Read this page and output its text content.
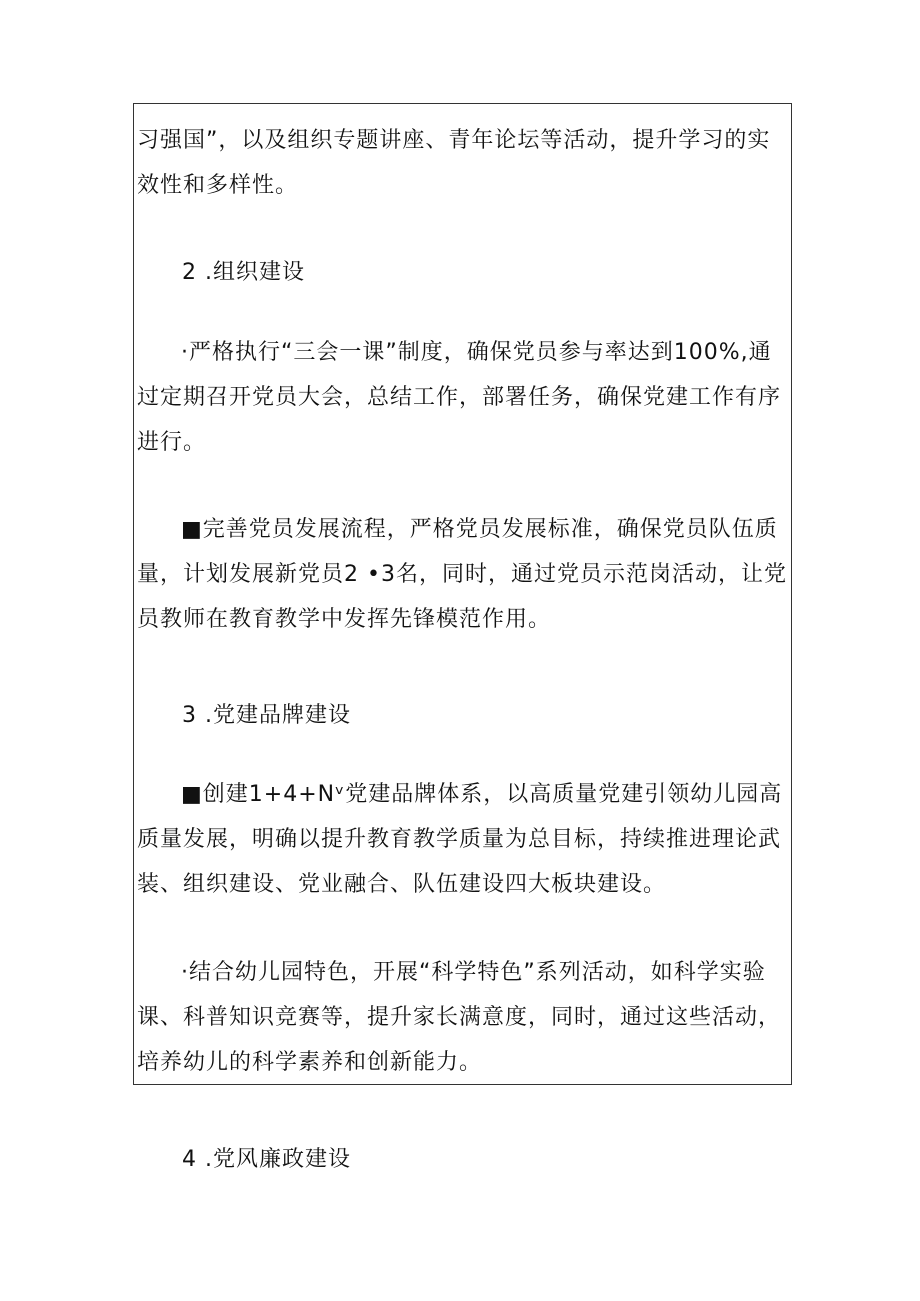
习强国”，以及组织专题讲座、青年论坛等活动，提升学习的实效性和多样性。

2 .组织建设

·严格执行“三会一课”制度，确保党员参与率达到100%,通过定期召开党员大会，总结工作，部署任务，确保党建工作有序进行。

■完善党员发展流程，严格党员发展标准，确保党员队伍质量，计划发展新党员2 •3名，同时，通过党员示范岗活动，让党员教师在教育教学中发挥先锋模范作用。

3 .党建品牌建设

■创建1+4+Nᵛ党建品牌体系，以高质量党建引领幼儿园高质量发展，明确以提升教育教学质量为总目标，持续推进理论武装、组织建设、党业融合、队伍建设四大板块建设。

·结合幼儿园特色，开展“科学特色”系列活动，如科学实验课、科普知识竞赛等，提升家长满意度，同时，通过这些活动，培养幼儿的科学素养和创新能力。

4 .党风廉政建设
